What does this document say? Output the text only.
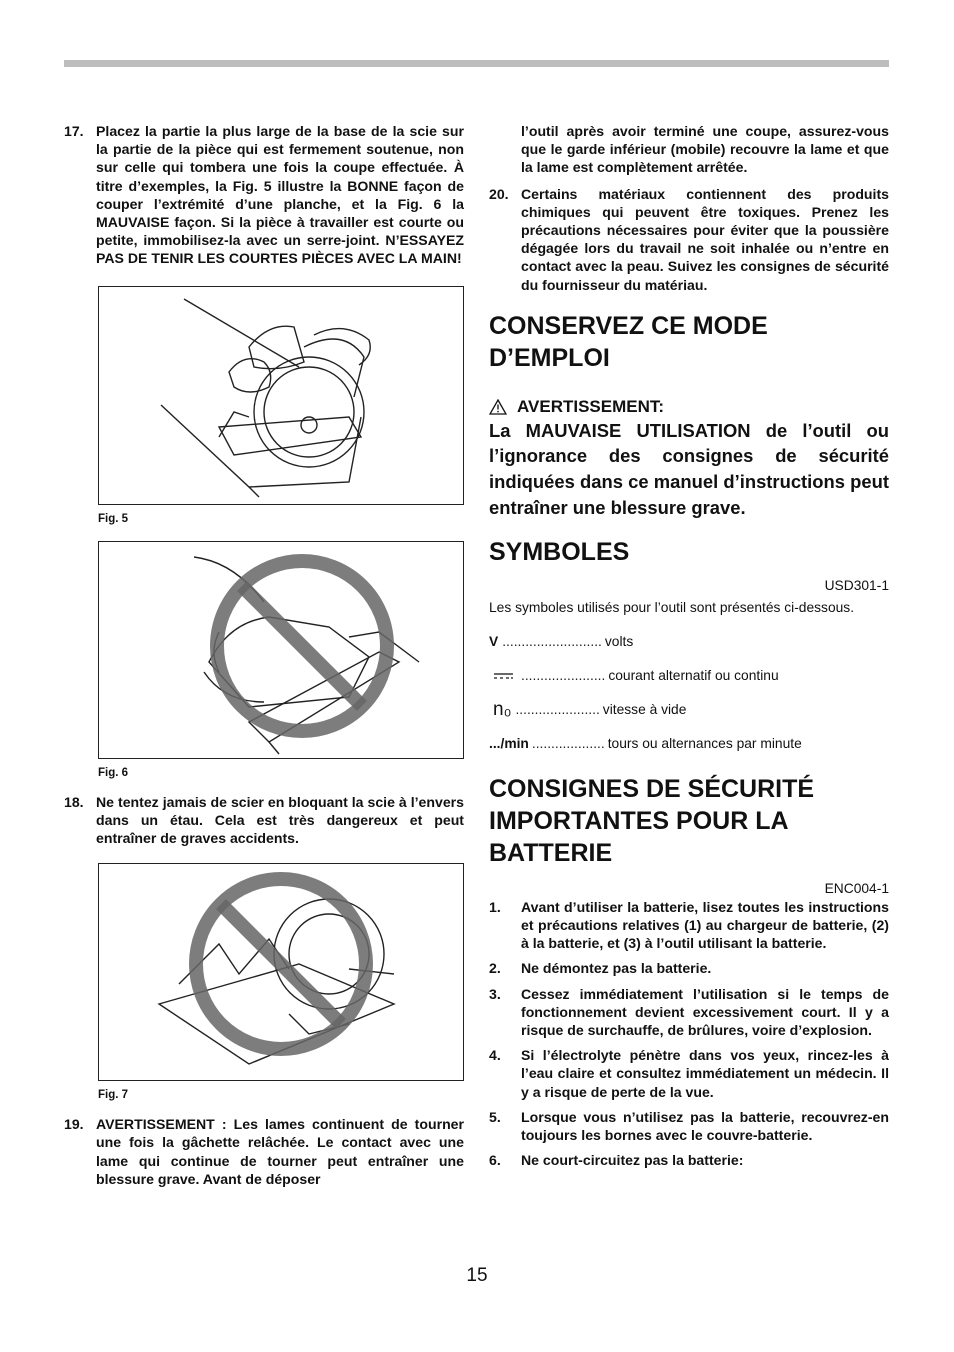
17. Placez la partie la plus large de la base de la scie sur la partie de la pièce qui est fermement soutenue, non sur celle qui tombera une fois la coupe effectuée. À titre d’exemples, la Fig. 5 illustre la BONNE façon de couper l’extrémité d’une planche, et la Fig. 6 la MAUVAISE façon. Si la pièce à travailler est courte ou petite, immobilisez-la avec un serre-joint. N’ESSAYEZ PAS DE TENIR LES COURTES PIÈCES AVEC LA MAIN!
Fig. 5
Fig. 6
18. Ne tentez jamais de scier en bloquant la scie à l’envers dans un étau. Cela est très dangereux et peut entraîner de graves accidents.
Fig. 7
19. AVERTISSEMENT : Les lames continuent de tourner une fois la gâchette relâchée. Le contact avec une lame qui continue de tourner peut entraîner une blessure grave. Avant de déposer
l’outil après avoir terminé une coupe, assurez-vous que le garde inférieur (mobile) recouvre la lame et que la lame est complètement arrêtée.
20. Certains matériaux contiennent des produits chimiques qui peuvent être toxiques. Prenez les précautions nécessaires pour éviter que la poussière dégagée lors du travail ne soit inhalée ou n’entre en contact avec la peau. Suivez les consignes de sécurité du fournisseur du matériau.
CONSERVEZ CE MODE D’EMPLOI
AVERTISSEMENT:
La MAUVAISE UTILISATION de l’outil ou l’ignorance des consignes de sécurité indiquées dans ce manuel d’instructions peut entraîner une blessure grave.
SYMBOLES
USD301-1
Les symboles utilisés pour l’outil sont présentés ci-dessous.
V .......................... volts
...................... courant alternatif ou continu
n₀ ...................... vitesse à vide
.../min ................... tours ou alternances par minute
CONSIGNES DE SÉCURITÉ IMPORTANTES POUR LA BATTERIE
ENC004-1
1.	Avant d’utiliser la batterie, lisez toutes les instructions et précautions relatives (1) au chargeur de batterie, (2) à la batterie, et (3) à l’outil utilisant la batterie.
2.	Ne démontez pas la batterie.
3.	Cessez immédiatement l’utilisation si le temps de fonctionnement devient excessivement court. Il y a risque de surchauffe, de brûlures, voire d’explosion.
4.	Si l’électrolyte pénètre dans vos yeux, rincez-les à l’eau claire et consultez immédiatement un médecin. Il y a risque de perte de la vue.
5.	Lorsque vous n’utilisez pas la batterie, recouvrez-en toujours les bornes avec le couvre-batterie.
6.	Ne court-circuitez pas la batterie:
15
